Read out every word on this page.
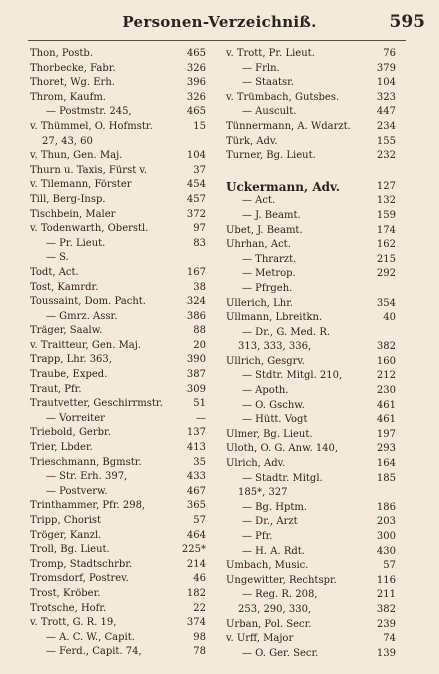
Personen-Verzeichniß.	595
Thon, Postb.	465
Thorbecke, Fabr.	326
Thoret, Wg. Erh.	396
Throm, Kaufm.	326
— Postmstr. 245,	465
v. Thümmel, O. Hofmstr.	15
27, 43, 60
v. Thun, Gen. Maj.	104
Thurn u. Taxis, Fürst v.	37
v. Tilemann, Förster	454
Till, Berg-Insp.	457
Tischbein, Maler	372
v. Todenwarth, Oberstl.	97
— Pr. Lieut.	83
— S.
Todt, Act.	167
Tost, Kamrdr.	38
Toussaint, Dom. Pacht.	324
— Gmrz. Assr.	386
Träger, Saalw.	88
v. Traitteur, Gen. Maj.	20
Trapp, Lhr. 363,	390
Traube, Exped.	387
Traut, Pfr.	309
Trautvetter, Geschirrmstr.	51
— Vorreiter	—
Triebold, Gerbr.	137
Trier, Lbder.	413
Trieschmann, Bgmstr.	35
— Str. Erh. 397,	433
— Postverw.	467
Trinthammer, Pfr. 298,	365
Tripp, Chorist	57
Tröger, Kanzl.	464
Troll, Bg. Lieut.	225*
Tromp, Stadtschrbr.	214
Tromsdorf, Postrev.	46
Trost, Kröber.	182
Trotsche, Hofr.	22
v. Trott, G. R. 19,	374
— A. C. W., Capit.	98
— Ferd., Capit. 74,	78
v. Trott, Pr. Lieut.	76
— Frln.	379
— Staatsr.	104
v. Trümbach, Gutsbes.	323
— Auscult.	447
Tünnermann, A. Wdarzt.	234
Türk, Adv.	155
Turner, Bg. Lieut.	232
Uckermann, Adv.	127
— Act.	132
— J. Beamt.	159
Ubet, J. Beamt.	174
Uhrhan, Act.	162
— Thrarzt.	215
— Metrop.	292
— Pfrgeh.
Ullerich, Lhr.	354
Ullmann, Lbreitkn.	40
— Dr., G. Med. R.
313, 333, 336,	382
Ullrich, Gesgrv.	160
— Stdtr. Mitgl. 210,	212
— Apoth.	230
— O. Gschw.	461
— Hütt. Vogt	461
Ulmer, Bg. Lieut.	197
Uloth, O. G. Anw. 140,	293
Ulrich, Adv.	164
— Stadtr. Mitgl.	185
185*, 327
— Bg. Hptm.	186
— Dr., Arzt	203
— Pfr.	300
— H. A. Rdt.	430
Umbach, Music.	57
Ungewitter, Rechtspr.	116
— Reg. R. 208,	211
253, 290, 330,	382
Urban, Pol. Secr.	239
v. Urff, Major	74
— O. Ger. Secr.	139
